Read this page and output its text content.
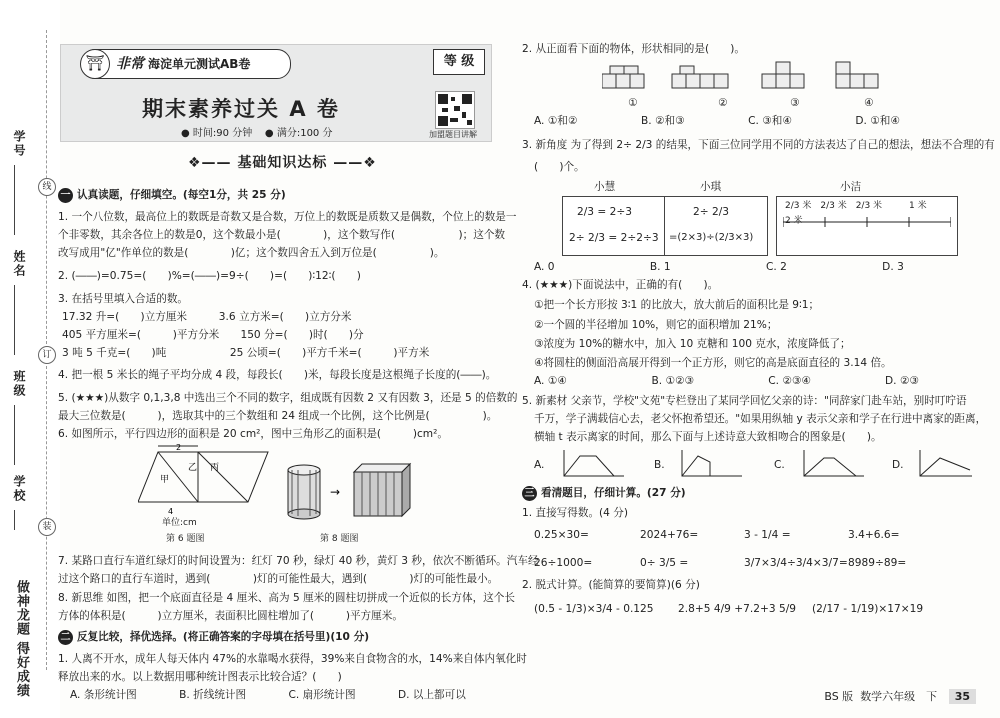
学号
姓名
班级
学校
线
订
装
做神龙题 得好成绩
⛩ 非常 海淀单元测试AB卷	等 级
期末素养过关 A 卷
● 时间:90 分钟 ● 满分:100 分	加盟题目讲解
❖—— 基础知识达标 ——❖
一 认真读题，仔细填空。(每空1分，共 25 分)
1. 一个八位数，最高位上的数既是奇数又是合数，万位上的数既是质数又是偶数，个位上的数是一
个非零数，其余各位上的数是0，这个数最小是(　　　　)，这个数写作(　　　　　　)；这个数
改写成用"亿"作单位的数是(　　　　)亿；这个数四舍五入到万位是(　　　　　)。
2. (――)=0.75=(　　)%=(――)=9÷(　　)=(　　)∶12∶(　　)
3. 在括号里填入合适的数。
17.32 升=(　　)立方厘米　　　3.6 立方米=(　　)立方分米
405 平方厘米=(　　　)平方分米　　150 分=(　　)时(　　)分
3 吨 5 千克=(　　)吨　　　　　　25 公顷=(　　)平方千米=(　　　)平方米
4. 把一根 5 米长的绳子平均分成 4 段，每段长(　　)米，每段长度是这根绳子长度的(――)。
5. (★★★)从数字 0,1,3,8 中选出三个不同的数字，组成既有因数 2 又有因数 3，还是 5 的倍数的
最大三位数是(　　　)，选取其中的三个数组和 24 组成一个比例，这个比例是(　　　　　)。
6. 如图所示，平行四边形的面积是 20 cm²，图中三角形乙的面积是(　　　)cm²。
2
甲
乙 丙
4
单位:cm
第 6 题图
→
第 8 题图
7. 某路口直行车道红绿灯的时间设置为：红灯 70 秒，绿灯 40 秒，黄灯 3 秒，依次不断循环。汽车经
过这个路口的直行车道时，遇到(　　　　)灯的可能性最大，遇到(　　　　)灯的可能性最小。
8. 新思维 如图，把一个底面直径是 4 厘米、高为 5 厘米的圆柱切拼成一个近似的长方体，这个长
方体的体积是(　　　)立方厘米，表面积比圆柱增加了(　　　)平方厘米。
二 反复比较，择优选择。(将正确答案的字母填在括号里)(10 分)
1. 人离不开水，成年人每天体内 47%的水靠喝水获得，39%来自食物含的水，14%来自体内氧化时
释放出来的水。以上数据用哪种统计图表示比较合适？(　　)
A. 条形统计图　　　　B. 折线统计图　　　　C. 扇形统计图　　　　D. 以上都可以
2. 从正面看下面的物体，形状相同的是(　　)。
①	②	③	④
A. ①和②　　　　　　B. ②和③　　　　　　C. ③和④　　　　　　D. ①和④
3. 新角度 为了得到 2÷ 2/3 的结果，下面三位同学用不同的方法表达了自己的想法，想法不合理的有
(　　)个。
小慧	小琪	小洁
2/3 = 2÷3
2÷ 2/3 = 2÷2÷3
2÷ 2/3
=(2×3)÷(2/3×3)
2/3 米　2/3 米　2/3 米　　　1 米　　　2 米
A. 0　　　　　　　　　B. 1　　　　　　　　　C. 2　　　　　　　　　D. 3
4. (★★★)下面说法中，正确的有(　　)。
①把一个长方形按 3∶1 的比放大，放大前后的面积比是 9∶1；
②一个圆的半径增加 10%，则它的面积增加 21%；
③浓度为 10%的糖水中，加入 10 克糖和 100 克水，浓度降低了；
④将圆柱的侧面沿高展开得到一个正方形，则它的高是底面直径的 3.14 倍。
A. ①④　　　　　　　　B. ①②③　　　　　　　C. ②③④　　　　　　　D. ②③
5. 新素材 父亲节，学校"文苑"专栏登出了某同学回忆父亲的诗："同辞家门赴车站，别时叮咛语
千万，学子满载信心去，老父怀抱希望还。"如果用纵轴 y 表示父亲和学子在行进中离家的距离，
横轴 t 表示离家的时间，那么下面与上述诗意大致相吻合的图象是(　　)。
A.	B.	C.	D.
三 看清题目，仔细计算。(27 分)
1. 直接写得数。(4 分)
0.25×30=	2024+76=	3 - 1/4 =	3.4+6.6=
26÷1000=	0÷ 3/5 =	3/7×3/4÷3/4×3/7= 8989÷89=
2. 脱式计算。(能简算的要简算)(6 分)
(0.5 - 1/3)×3/4 - 0.125 2.8+5 4/9 +7.2+3 5/9 (2/17 - 1/19)×17×19
BS 版 数学六年级　下 35
